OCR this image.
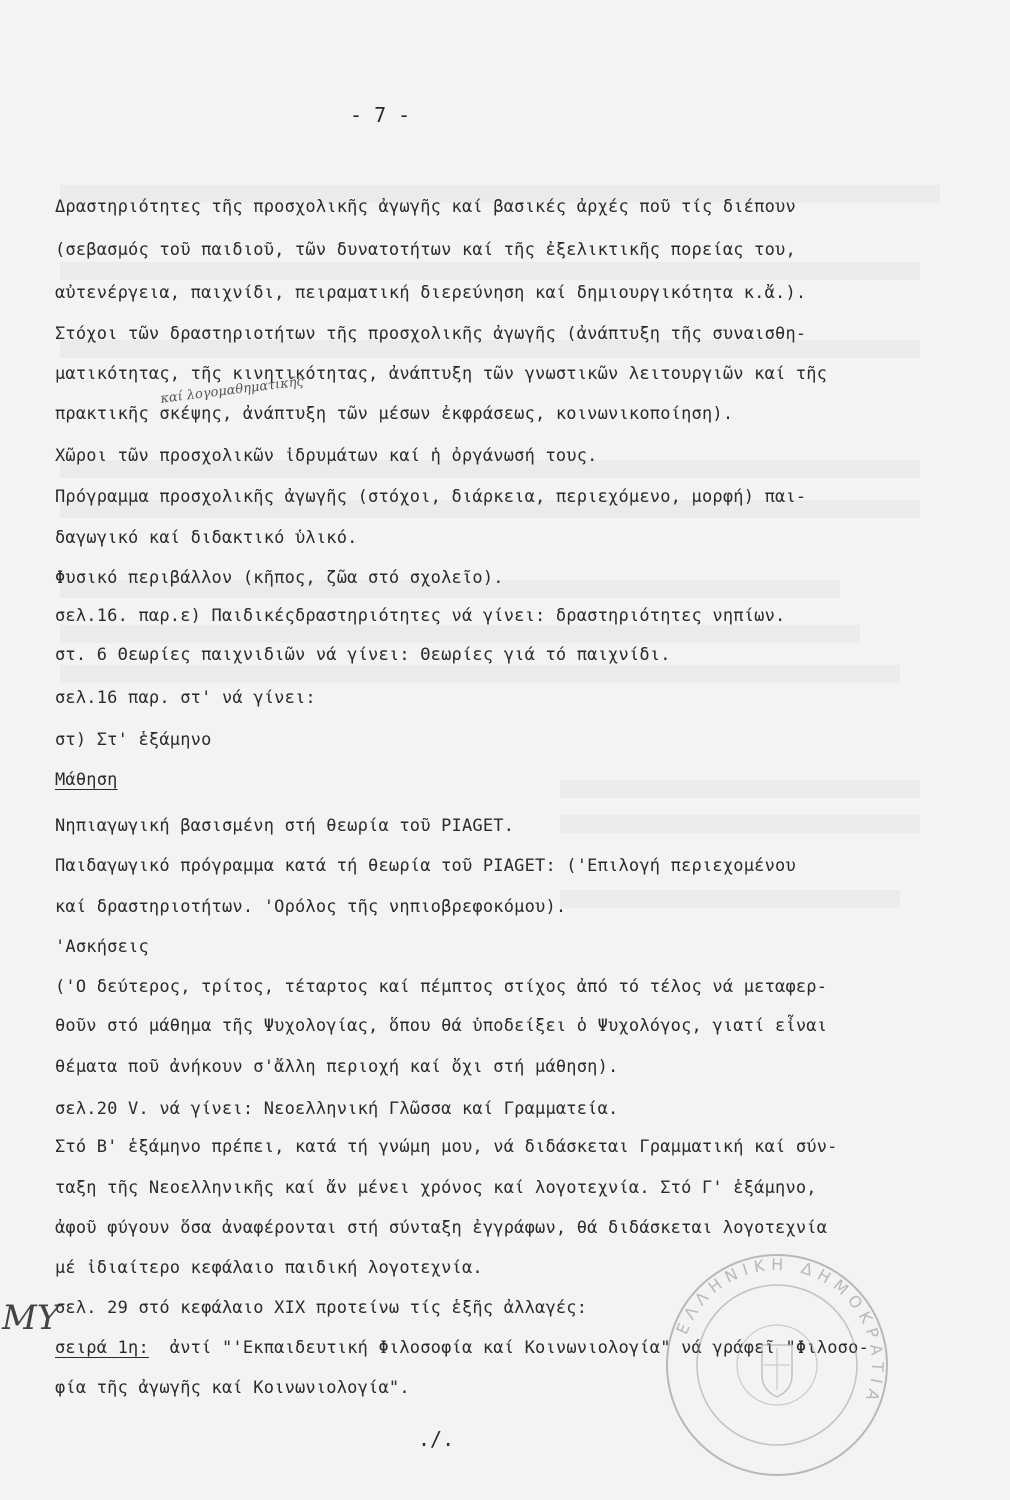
- 7 -
Δραστηριότητες τῆς προσχολικῆς ἀγωγῆς καί βασικές ἀρχές ποῦ τίς διέπουν
(σεβασμός τοῦ παιδιοῦ, τῶν δυνατοτήτων καί τῆς ἐξελικτικῆς πορείας του,
αὐτενέργεια, παιχνίδι, πειραματική διερεύνηση καί δημιουργικότητα κ.ἄ.).
Στόχοι τῶν δραστηριοτήτων τῆς προσχολικῆς ἀγωγῆς (ἀνάπτυξη τῆς συναισθη-
ματικότητας, τῆς κινητικότητας, ἀνάπτυξη τῶν γνωστικῶν λειτουργιῶν καί τῆς
καί λογομαθηματικῆς
πρακτικῆς σκέψης, ἀνάπτυξη τῶν μέσων ἐκφράσεως, κοινωνικοποίηση).
Χῶροι τῶν προσχολικῶν ἱδρυμάτων καί ἡ ὀργάνωσή τους.
Πρόγραμμα προσχολικῆς ἀγωγῆς (στόχοι, διάρκεια, περιεχόμενο, μορφή) παι-
δαγωγικό καί διδακτικό ὑλικό.
Φυσικό περιβάλλον (κῆπος, ζῶα στό σχολεῖο).
σελ.16. παρ.ε) Παιδικέςδραστηριότητες νά γίνει: δραστηριότητες νηπίων.
στ. 6 Θεωρίες παιχνιδιῶν νά γίνει: Θεωρίες γιά τό παιχνίδι.
σελ.16 παρ. στ' νά γίνει:
στ) Στ' ἑξάμηνο
Μάθηση
Νηπιαγωγική βασισμένη στή θεωρία τοῦ PIAGET.
Παιδαγωγικό πρόγραμμα κατά τή θεωρία τοῦ PIAGET: ('Επιλογή περιεχομένου
καί δραστηριοτήτων. 'Ορόλος τῆς νηπιοβρεφοκόμου).
'Ασκήσεις
('Ο δεύτερος, τρίτος, τέταρτος καί πέμπτος στίχος ἀπό τό τέλος νά μεταφερ-
θοῦν στό μάθημα τῆς Ψυχολογίας, ὅπου θά ὑποδείξει ὁ Ψυχολόγος, γιατί εἶναι
θέματα ποῦ ἀνήκουν σ'ἄλλη περιοχή καί ὄχι στή μάθηση).
σελ.20 V. νά γίνει: Νεοελληνική Γλῶσσα καί Γραμματεία.
Στό Β' ἑξάμηνο πρέπει, κατά τή γνώμη μου, νά διδάσκεται Γραμματική καί σύν-
ταξη τῆς Νεοελληνικῆς καί ἄν μένει χρόνος καί λογοτεχνία. Στό Γ' ἑξάμηνο,
ἀφοῦ φύγουν ὅσα ἀναφέρονται στή σύνταξη ἐγγράφων, θά διδάσκεται λογοτεχνία
μέ ἰδιαίτερο κεφάλαιο παιδική λογοτεχνία.
σελ. 29 στό κεφάλαιο XIX προτείνω τίς ἑξῆς ἀλλαγές:
σειρά 1η: ἀντί "'Εκπαιδευτική Φιλοσοφία καί Κοινωνιολογία" νά γράφεῖ "Φιλοσο-
φία τῆς ἀγωγῆς καί Κοινωνιολογία".
ΜΥ	ΕΛΛΗΝΙΚΗ ΔΗΜΟΚΡΑΤΙΑ
./.
